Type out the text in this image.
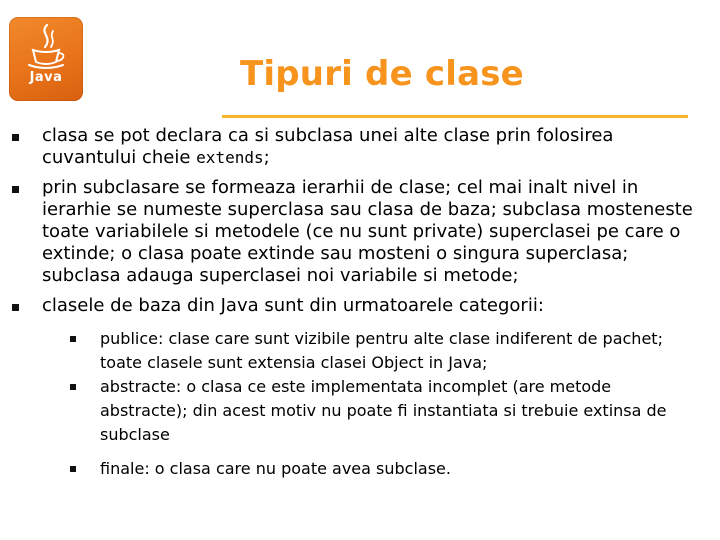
Java	Tipuri de clase
clasa se pot declara ca si subclasa unei alte clase prin folosirea cuvantului cheie extends;
prin subclasare se formeaza ierarhii de clase; cel mai inalt nivel in ierarhie se numeste superclasa sau clasa de baza; subclasa mosteneste toate variabilele si metodele (ce nu sunt private) superclasei pe care o extinde; o clasa poate extinde sau mosteni o singura superclasa; subclasa adauga superclasei noi variabile si metode;
clasele de baza din Java sunt din urmatoarele categorii:
publice: clase care sunt vizibile pentru alte clase indiferent de pachet; toate clasele sunt extensia clasei Object in Java;
abstracte: o clasa ce este implementata incomplet (are metode abstracte); din acest motiv nu poate fi instantiata si trebuie extinsa de subclase
finale: o clasa care nu poate avea subclase.
